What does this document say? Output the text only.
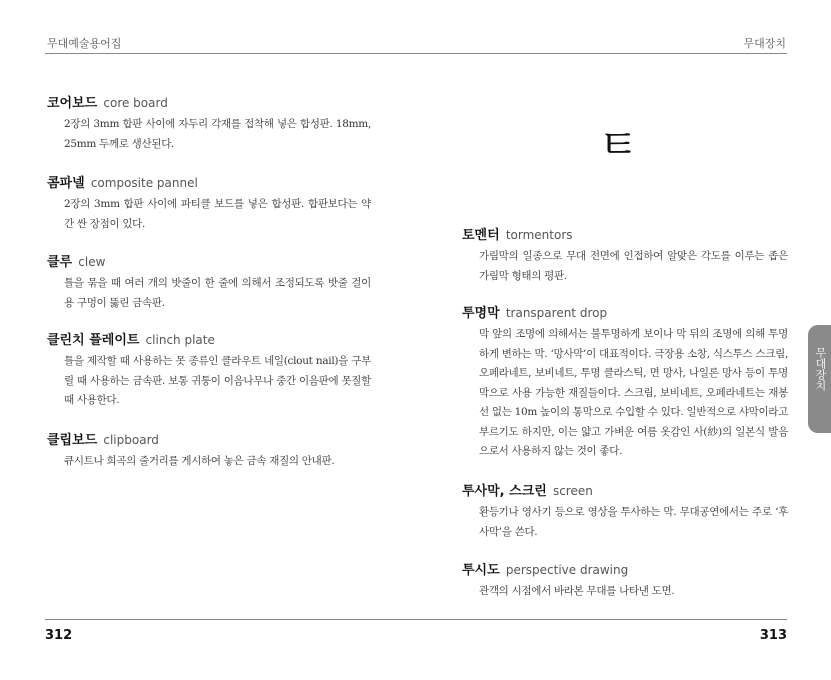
무대예술용어집	무대장치
코어보드 core board
2장의 3mm 합판 사이에 자두리 각재를 접착해 넣은 합성판. 18mm, 25mm 두께로 생산된다.
콤파넬 composite pannel
2장의 3mm 합판 사이에 파티클 보드를 넣은 합성판. 합판보다는 약간 싼 장점이 있다.
클루 clew
틀을 묶을 때 여러 개의 밧줄이 한 줄에 의해서 조정되도록 밧줄 걸이용 구멍이 뚫린 금속판.
클린치 플레이트 clinch plate
틀을 제작할 때 사용하는 못 종류인 클라우트 네일(clout nail)을 구부릴 때 사용하는 금속판. 보통 귀퉁이 이음나무나 중간 이음판에 못질할 때 사용한다.
클립보드 clipboard
큐시트나 희곡의 줄거리를 게시하여 놓은 금속 재질의 안내판.
ㅌ
토멘터 tormentors
가림막의 일종으로 무대 전면에 인접하여 알맞은 각도를 이루는 좁은 가림막 형태의 평판.
투명막 transparent drop
막 앞의 조명에 의해서는 불투명하게 보이나 막 뒤의 조명에 의해 투명하게 변하는 막. ‘망사막’이 대표적이다. 극장용 소창, 식스투스 스크림, 오페라네트, 보비네트, 투명 클라스틱, 면 망사, 나일론 망사 등이 투명막으로 사용 가능한 재질들이다. 스크림, 보비네트, 오페라네트는 재봉선 없는 10m 높이의 통막으로 수입할 수 있다. 일반적으로 샤막이라고 부르기도 하지만, 이는 얇고 가벼운 여름 옷감인 사(紗)의 일본식 발음으로서 사용하지 않는 것이 좋다.
투사막, 스크린 screen
환등기나 영사기 등으로 영상을 투사하는 막. 무대공연에서는 주로 ‘후사막’을 쓴다.
투시도 perspective drawing
관객의 시점에서 바라본 무대를 나타낸 도면.
무대장치
312	313
